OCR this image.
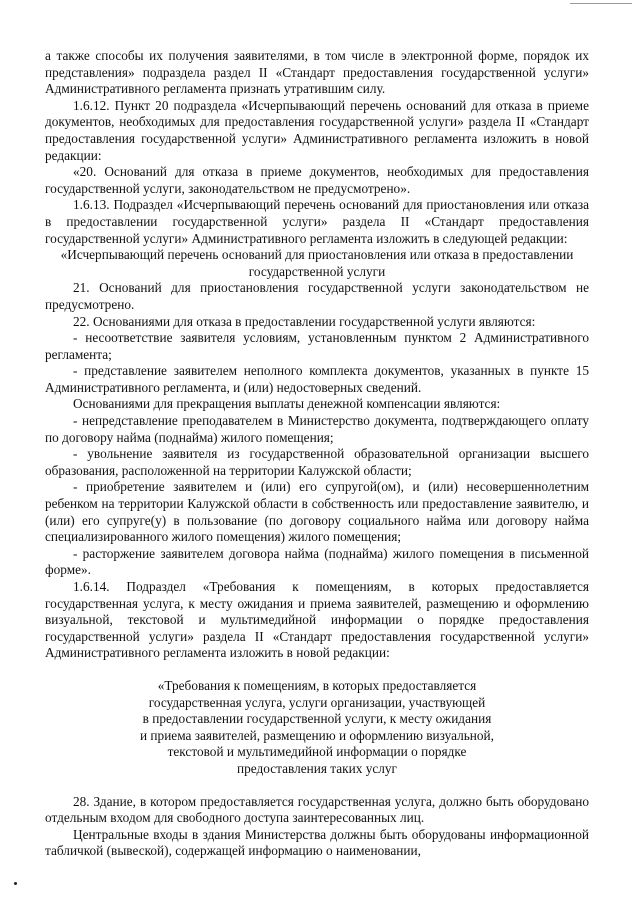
а также способы их получения заявителями, в том числе в электронной форме, порядок их представления» подраздела раздел II «Стандарт предоставления государственной услуги» Административного регламента признать утратившим силу.

1.6.12. Пункт 20 подраздела «Исчерпывающий перечень оснований для отказа в приеме документов, необходимых для предоставления государственной услуги» раздела II «Стандарт предоставления государственной услуги» Административного регламента изложить в новой редакции:

«20. Оснований для отказа в приеме документов, необходимых для предоставления государственной услуги, законодательством не предусмотрено».

1.6.13. Подраздел «Исчерпывающий перечень оснований для приостановления или отказа в предоставлении государственной услуги» раздела II «Стандарт предоставления государственной услуги» Административного регламента изложить в следующей редакции:

«Исчерпывающий перечень оснований для приостановления или отказа в предоставлении государственной услуги

21. Оснований для приостановления государственной услуги законодательством не предусмотрено.

22. Основаниями для отказа в предоставлении государственной услуги являются:

- несоответствие заявителя условиям, установленным пунктом 2 Административного регламента;

- представление заявителем неполного комплекта документов, указанных в пункте 15 Административного регламента, и (или) недостоверных сведений.

Основаниями для прекращения выплаты денежной компенсации являются:

- непредставление преподавателем в Министерство документа, подтверждающего оплату по договору найма (поднайма) жилого помещения;

- увольнение заявителя из государственной образовательной организации высшего образования, расположенной на территории Калужской области;

- приобретение заявителем и (или) его супругой(ом), и (или) несовершеннолетним ребенком на территории Калужской области в собственность или предоставление заявителю, и (или) его супруге(у) в пользование (по договору социального найма или договору найма специализированного жилого помещения) жилого помещения;

- расторжение заявителем договора найма (поднайма) жилого помещения в письменной форме».

1.6.14. Подраздел «Требования к помещениям, в которых предоставляется государственная услуга, к месту ожидания и приема заявителей, размещению и оформлению визуальной, текстовой и мультимедийной информации о порядке предоставления государственной услуги» раздела II «Стандарт предоставления государственной услуги» Административного регламента изложить в новой редакции:

«Требования к помещениям, в которых предоставляется
государственная услуга, услуги организации, участвующей
в предоставлении государственной услуги, к месту ожидания
и приема заявителей, размещению и оформлению визуальной,
текстовой и мультимедийной информации о порядке
предоставления таких услуг

28. Здание, в котором предоставляется государственная услуга, должно быть оборудовано отдельным входом для свободного доступа заинтересованных лиц.

Центральные входы в здания Министерства должны быть оборудованы информационной табличкой (вывеской), содержащей информацию о наименовании,
